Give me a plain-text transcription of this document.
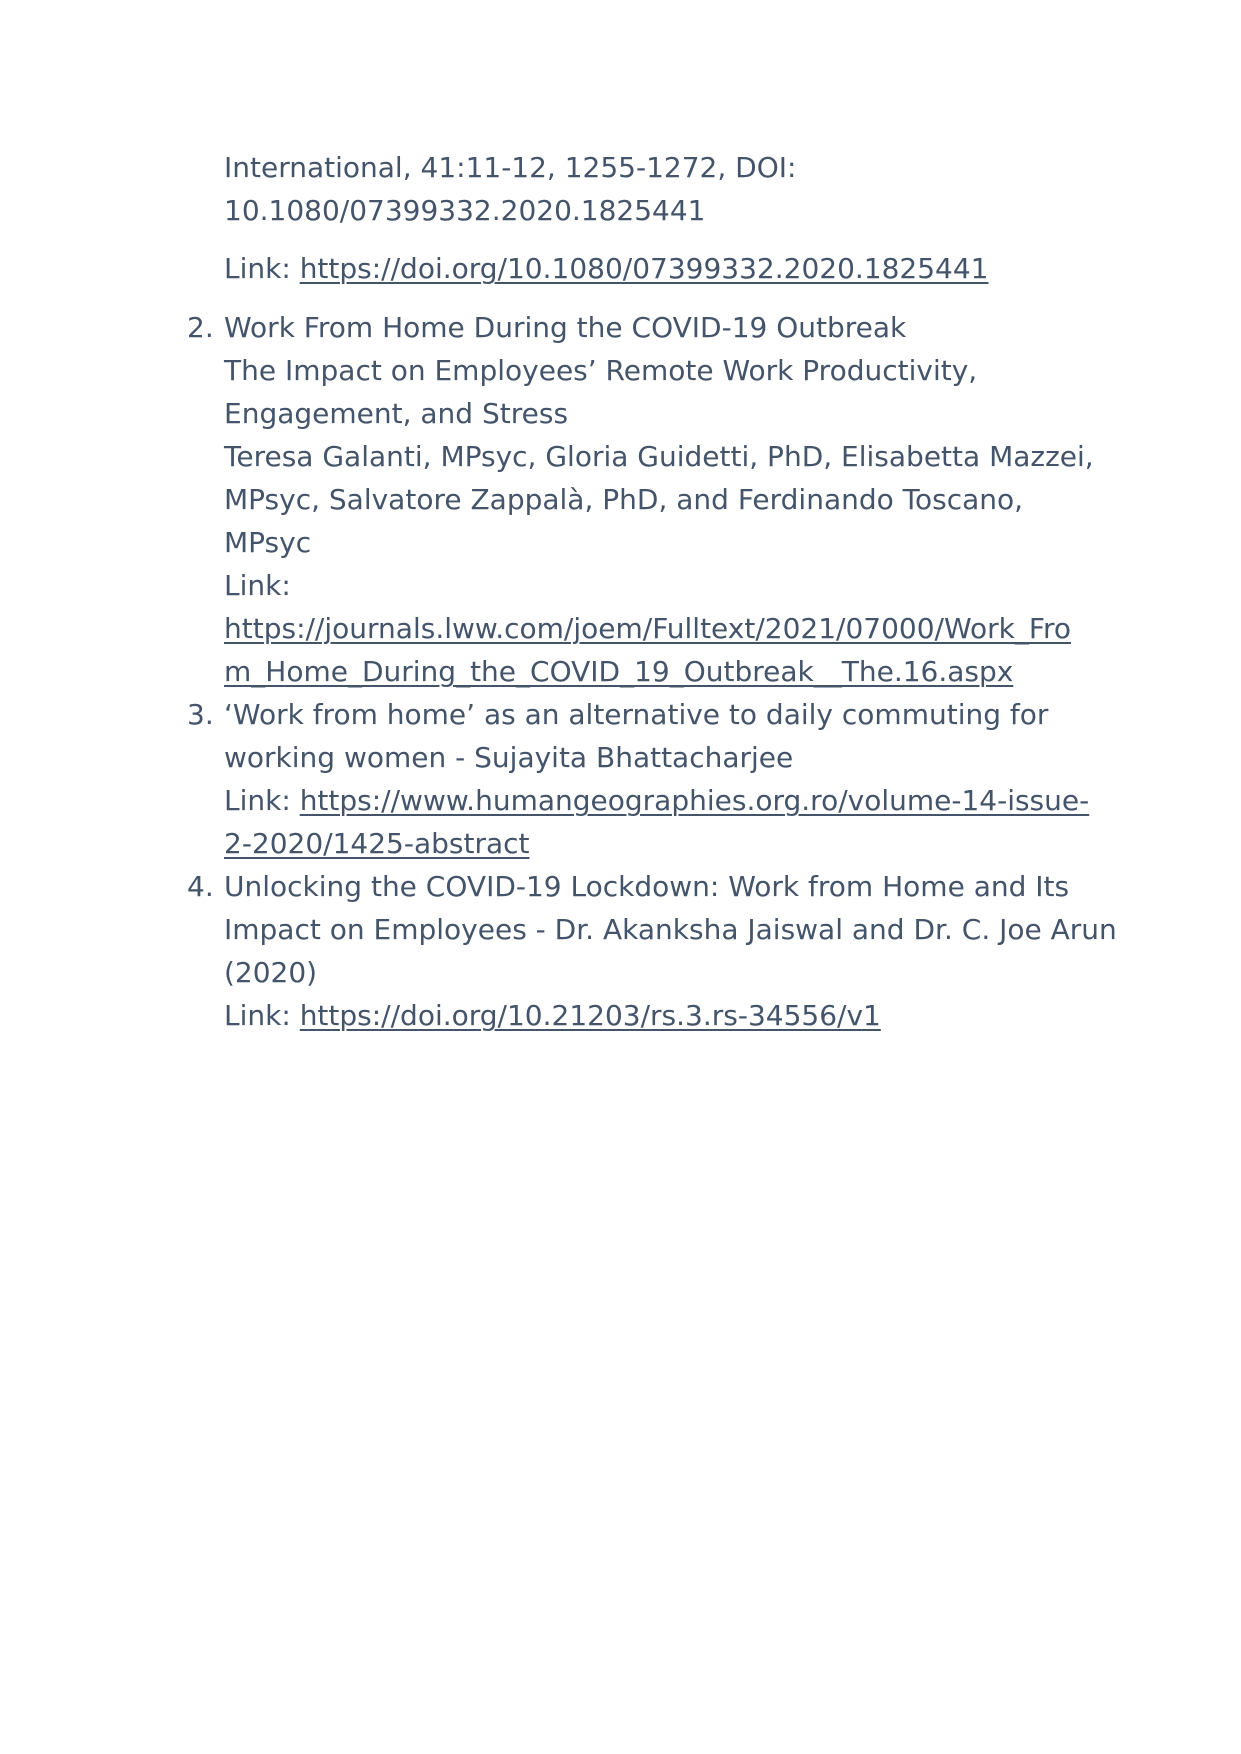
International, 41:11-12, 1255-1272, DOI:
10.1080/07399332.2020.1825441
Link: https://doi.org/10.1080/07399332.2020.1825441
2. Work From Home During the COVID-19 Outbreak
The Impact on Employees’ Remote Work Productivity,
Engagement, and Stress
Teresa Galanti, MPsyc, Gloria Guidetti, PhD, Elisabetta Mazzei,
MPsyc, Salvatore Zappalà, PhD, and Ferdinando Toscano,
MPsyc
Link:
https://journals.lww.com/joem/Fulltext/2021/07000/Work_Fro
m_Home_During_the_COVID_19_Outbreak__The.16.aspx
3. ‘Work from home’ as an alternative to daily commuting for
working women - Sujayita Bhattacharjee
Link: https://www.humangeographies.org.ro/volume-14-issue-
2-2020/1425-abstract
4. Unlocking the COVID-19 Lockdown: Work from Home and Its
Impact on Employees - Dr. Akanksha Jaiswal and Dr. C. Joe Arun
(2020)
Link: https://doi.org/10.21203/rs.3.rs-34556/v1
